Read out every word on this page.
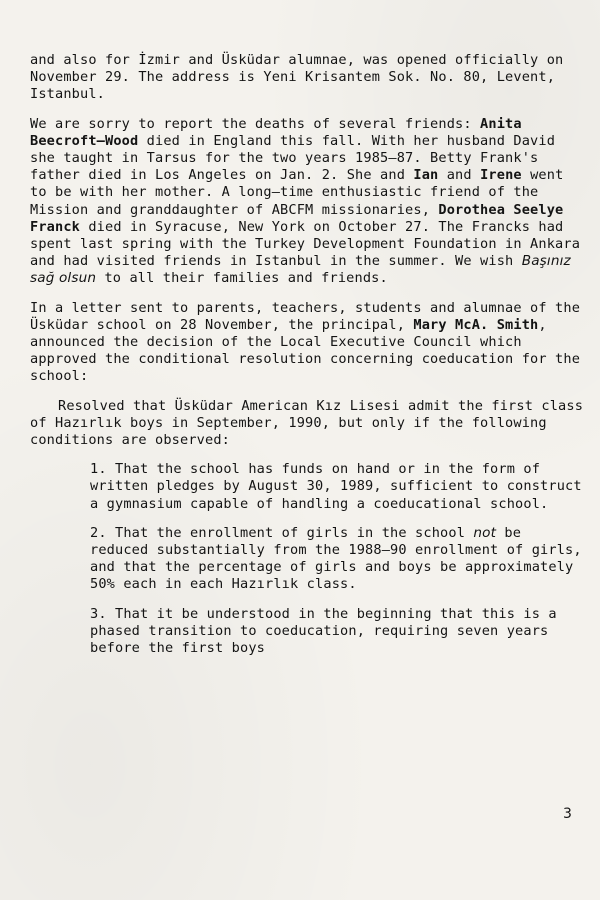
and also for İzmir and Üsküdar alumnae, was opened officially on November 29. The address is Yeni Krisantem Sok. No. 80, Levent, Istanbul.

We are sorry to report the deaths of several friends: Anita Beecroft–Wood died in England this fall. With her husband David she taught in Tarsus for the two years 1985–87. Betty Frank's father died in Los Angeles on Jan. 2. She and Ian and Irene went to be with her mother. A long–time enthusiastic friend of the Mission and granddaughter of ABCFM missionaries, Dorothea Seelye Franck died in Syracuse, New York on October 27. The Francks had spent last spring with the Turkey Development Foundation in Ankara and had visited friends in Istanbul in the summer. We wish Başınız sağ olsun to all their families and friends.

In a letter sent to parents, teachers, students and alumnae of the Üsküdar school on 28 November, the principal, Mary McA. Smith, announced the decision of the Local Executive Council which approved the conditional resolution concerning coeducation for the school:

Resolved that Üsküdar American Kız Lisesi admit the first class of Hazırlık boys in September, 1990, but only if the following conditions are observed:

1. That the school has funds on hand or in the form of written pledges by August 30, 1989, sufficient to construct a gymnasium capable of handling a coeducational school.

2. That the enrollment of girls in the school not be reduced substantially from the 1988–90 enrollment of girls, and that the percentage of girls and boys be approximately 50% each in each Hazırlık class.

3. That it be understood in the beginning that this is a phased transition to coeducation, requiring seven years before the first boys

3
